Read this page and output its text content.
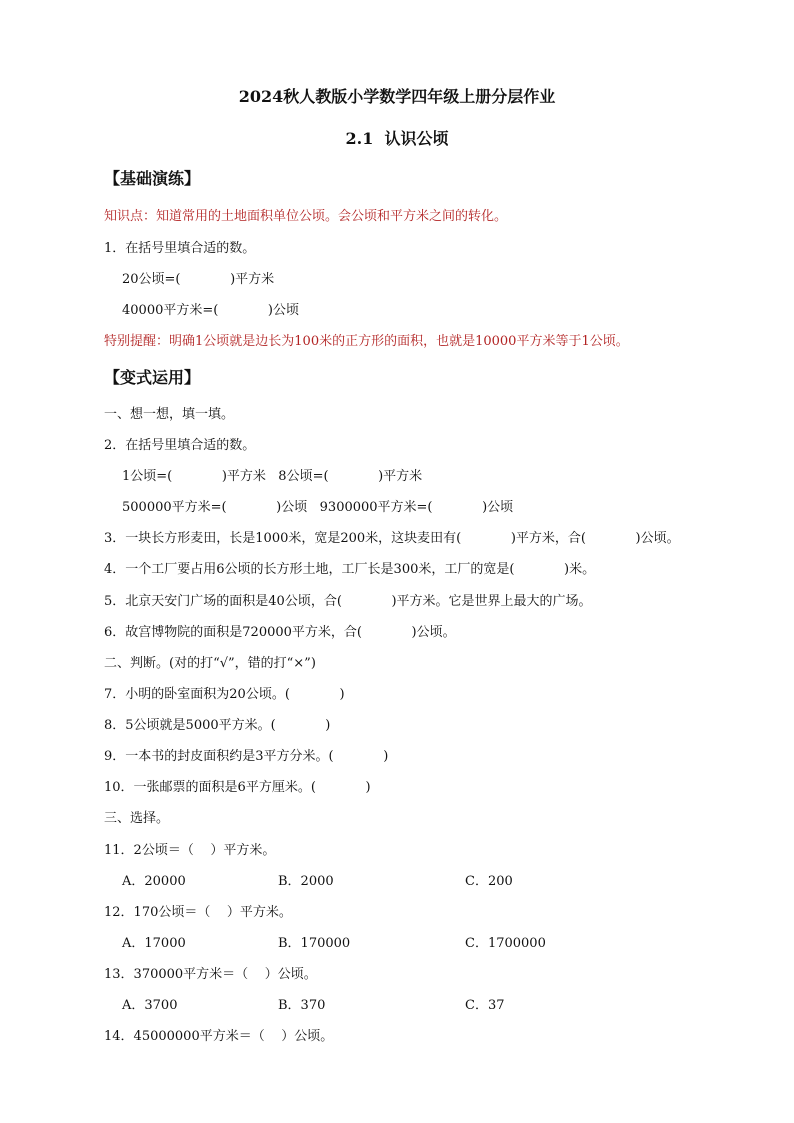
2024秋人教版小学数学四年级上册分层作业
2.1  认识公顷
【基础演练】
知识点：知道常用的土地面积单位公顷。会公顷和平方米之间的转化。
1．在括号里填合适的数。
20公顷=(            )平方米
40000平方米=(            )公顷
特别提醒：明确1公顷就是边长为100米的正方形的面积，也就是10000平方米等于1公顷。
【变式运用】
一、想一想，填一填。
2．在括号里填合适的数。
1公顷=(            )平方米   8公顷=(            )平方米
500000平方米=(            )公顷   9300000平方米=(            )公顷
3．一块长方形麦田，长是1000米，宽是200米，这块麦田有(            )平方米，合(            )公顷。
4．一个工厂要占用6公顷的长方形土地，工厂长是300米，工厂的宽是(            )米。
5．北京天安门广场的面积是40公顷，合(            )平方米。它是世界上最大的广场。
6．故宫博物院的面积是720000平方米，合(            )公顷。
二、判断。(对的打“√”，错的打“×”)
7．小明的卧室面积为20公顷。(            )
8．5公顷就是5000平方米。(            )
9．一本书的封皮面积约是3平方分米。(            )
10．一张邮票的面积是6平方厘米。(            )
三、选择。
11．2公顷＝（    ）平方米。
A．20000	B．2000	C．200
12．170公顷＝（    ）平方米。
A．17000	B．170000	C．1700000
13．370000平方米＝（    ）公顷。
A．3700	B．370	C．37
14．45000000平方米＝（    ）公顷。
